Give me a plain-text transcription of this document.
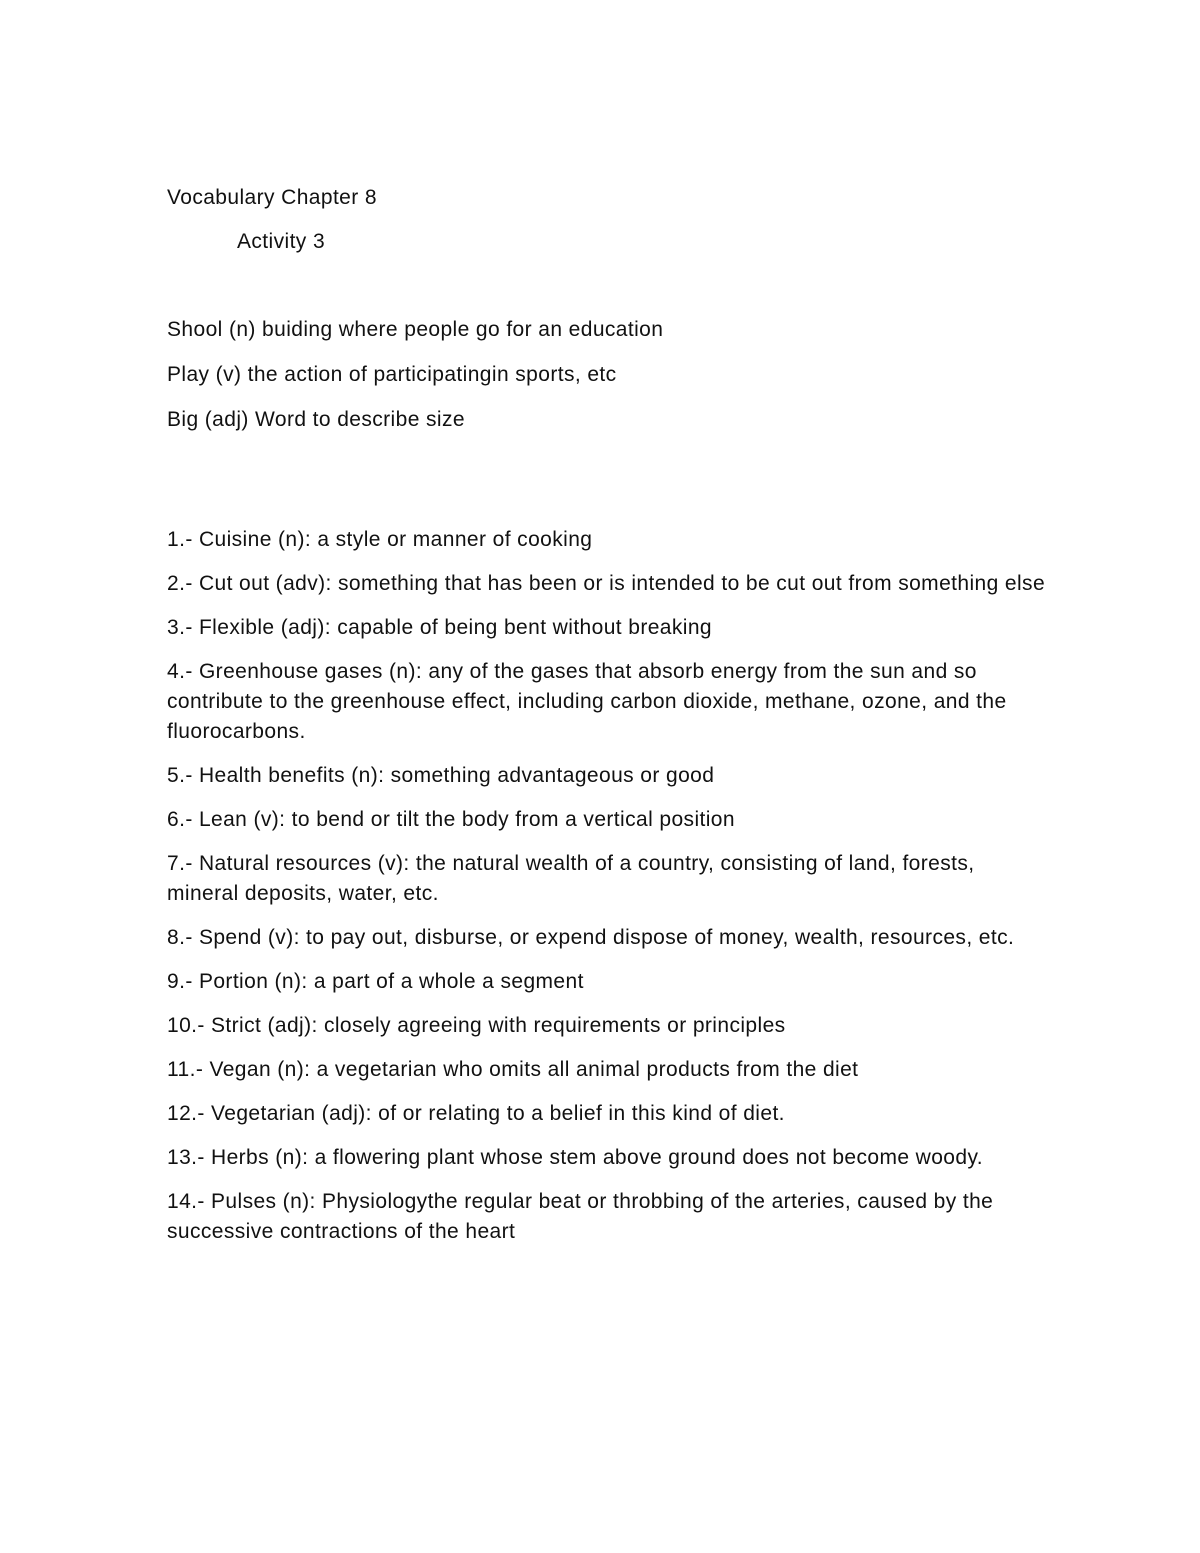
Vocabulary Chapter 8

Activity 3

Shool (n) buiding where people go for an education

Play (v) the action of participatingin sports, etc

Big (adj) Word to describe size

1.- Cuisine (n): a style or manner of cooking

2.- Cut out (adv): something that has been or is intended to be cut out from something else

3.- Flexible (adj): capable of being bent without breaking

4.- Greenhouse gases (n): any of the gases that absorb energy from the sun and so contribute to the greenhouse effect, including carbon dioxide, methane, ozone, and the fluorocarbons.

5.- Health benefits (n): something advantageous or good

6.- Lean (v): to bend or tilt the body from a vertical position

7.- Natural resources (v): the natural wealth of a country, consisting of land, forests, mineral deposits, water, etc.

8.- Spend (v): to pay out, disburse, or expend dispose of money, wealth, resources, etc.

9.- Portion (n): a part of a whole a segment

10.- Strict (adj): closely agreeing with requirements or principles

11.- Vegan (n): a vegetarian who omits all animal products from the diet

12.- Vegetarian (adj): of or relating to a belief in this kind of diet.

13.- Herbs (n): a flowering plant whose stem above ground does not become woody.

14.- Pulses (n): Physiologythe regular beat or throbbing of the arteries, caused by the successive contractions of the heart
